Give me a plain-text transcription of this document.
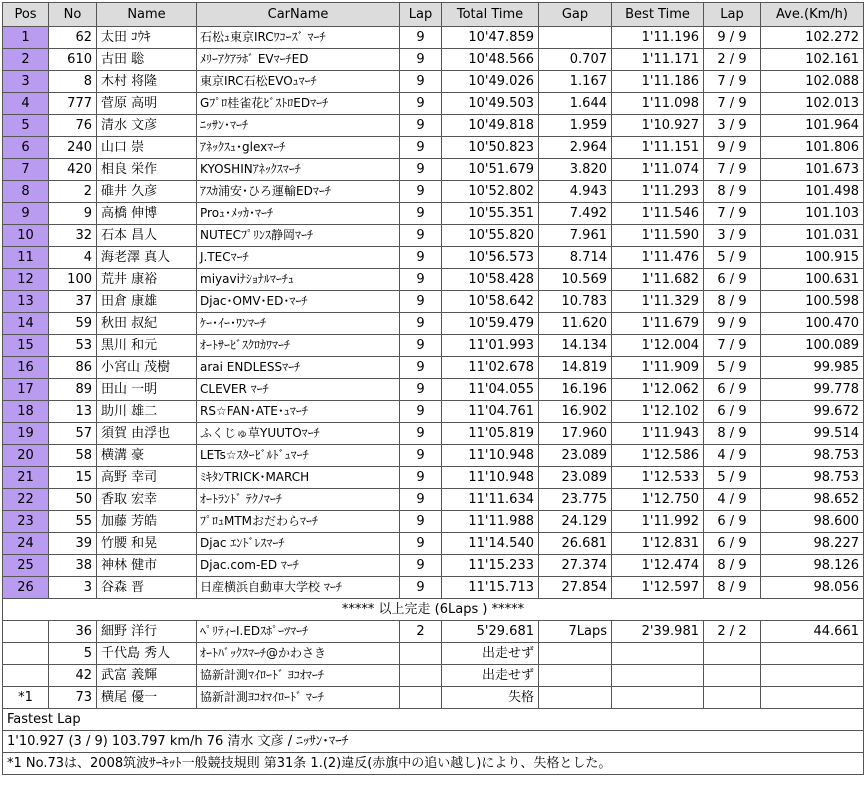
Pos	No	Name	CarName	Lap	Total Time	Gap	Best Time	Lap	Ave.(Km/h)
1	62	太田 ｺｳｷ	石松ｭ東京IRCﾜｺｰｽﾞ ﾏｰﾁ	9	10'47.859		1'11.196	9 / 9	102.272
2	610	古田 聡	ﾒﾘｰｱｸｱﾗﾎﾞ EVﾏｰﾁED	9	10'48.566	0.707	1'11.171	2 / 9	102.161
3	8	木村 将隆	東京IRC石松EVOｭﾏｰﾁ	9	10'49.026	1.167	1'11.186	7 / 9	102.088
4	777	菅原 高明	Gﾌﾟﾛ桂雀花ﾋﾞｽﾄﾛEDﾏｰﾁ	9	10'49.503	1.644	1'11.098	7 / 9	102.013
5	76	清水 文彦	ﾆｯｻﾝ･ﾏｰﾁ	9	10'49.818	1.959	1'10.927	3 / 9	101.964
6	240	山口 崇	ｱﾈｯｸｽｭ･glexﾏｰﾁ	9	10'50.823	2.964	1'11.151	9 / 9	101.806
7	420	相良 栄作	KYOSHINｱﾈｯｸｽﾏｰﾁ	9	10'51.679	3.820	1'11.074	7 / 9	101.673
8	2	碓井 久彦	ｱｽｶ浦安･ひろ運輸EDﾏｰﾁ	9	10'52.802	4.943	1'11.293	8 / 9	101.498
9	9	高橋 伸博	Proｭ･ﾒｯｶ･ﾏｰﾁ	9	10'55.351	7.492	1'11.546	7 / 9	101.103
10	32	石本 昌人	NUTECﾌﾟﾘﾝｽ静岡ﾏｰﾁ	9	10'55.820	7.961	1'11.590	3 / 9	101.031
11	4	海老澤 真人	J.TECﾏｰﾁ	9	10'56.573	8.714	1'11.476	5 / 9	100.915
12	100	荒井 康裕	miyaviﾅｼｮﾅﾙﾏｰﾁｭ	9	10'58.428	10.569	1'11.682	6 / 9	100.631
13	37	田倉 康雄	Djac･OMV･ED･ﾏｰﾁ	9	10'58.642	10.783	1'11.329	8 / 9	100.598
14	59	秋田 叔紀	ｹｰ･ｲｰ･ﾜﾝﾏｰﾁ	9	10'59.479	11.620	1'11.679	9 / 9	100.470
15	53	黒川 和元	ｵｰﾄｻｰﾋﾞｽｸﾛｶﾜﾏｰﾁ	9	11'01.993	14.134	1'12.004	7 / 9	100.089
16	86	小宮山 茂樹	arai ENDLESSﾏｰﾁ	9	11'02.678	14.819	1'11.909	5 / 9	99.985
17	89	田山 一明	CLEVER ﾏｰﾁ	9	11'04.055	16.196	1'12.062	6 / 9	99.778
18	13	助川 雄二	RS☆FAN･ATE･ｭﾏｰﾁ	9	11'04.761	16.902	1'12.102	6 / 9	99.672
19	57	須賀 由浮也	ふくじゅ草YUUTOﾏｰﾁ	9	11'05.819	17.960	1'11.943	8 / 9	99.514
20	58	横溝 豪	LETs☆ｽﾀｰﾋﾞﾙﾄﾞｭﾏｰﾁ	9	11'10.948	23.089	1'12.586	4 / 9	98.753
21	15	高野 幸司	ﾐｷﾀﾝTRICK･MARCH	9	11'10.948	23.089	1'12.533	5 / 9	98.753
22	50	香取 宏幸	ｵｰﾄﾗﾝﾄﾞ ﾃｸﾉﾏｰﾁ	9	11'11.634	23.775	1'12.750	4 / 9	98.652
23	55	加藤 芳皓	ﾌﾟﾛｭMTMおだわらﾏｰﾁ	9	11'11.988	24.129	1'11.992	6 / 9	98.600
24	39	竹腰 和晃	Djac ｴﾝﾄﾞﾚｽﾏｰﾁ	9	11'14.540	26.681	1'12.831	6 / 9	98.227
25	38	神林 健市	Djac.com-ED ﾏｰﾁ	9	11'15.233	27.374	1'12.474	8 / 9	98.126
26	3	谷森 晋	日産横浜自動車大学校 ﾏｰﾁ	9	11'15.713	27.854	1'12.597	8 / 9	98.056
***** 以上完走 (6Laps ) *****									
	36	細野 洋行	ﾍﾟﾘﾃｨｰI.EDｽﾎﾟｰﾂﾏｰﾁ	2	5'29.681	7Laps	2'39.981	2 / 2	44.661
	5	千代島 秀人	ｵｰﾄﾊﾞｯｸｽﾏｰﾁ@かわさき		出走せず				
	42	武富 義輝	協新計測ﾏｲﾛｰﾄﾞ ﾖｺｵﾏｰﾁ		出走せず				
*1	73	横尾 優一	協新計測ﾖｺｵﾏｲﾛｰﾄﾞ ﾏｰﾁ		失格				
Fastest Lap									
1'10.927 (3 / 9) 103.797 km/h 76 清水 文彦 / ﾆｯｻﾝ･ﾏｰﾁ									
*1 No.73は、2008筑波ｻｰｷｯﾄ一般競技規則 第31条 1.(2)違反(赤旗中の追い越し)により、失格とした。									
